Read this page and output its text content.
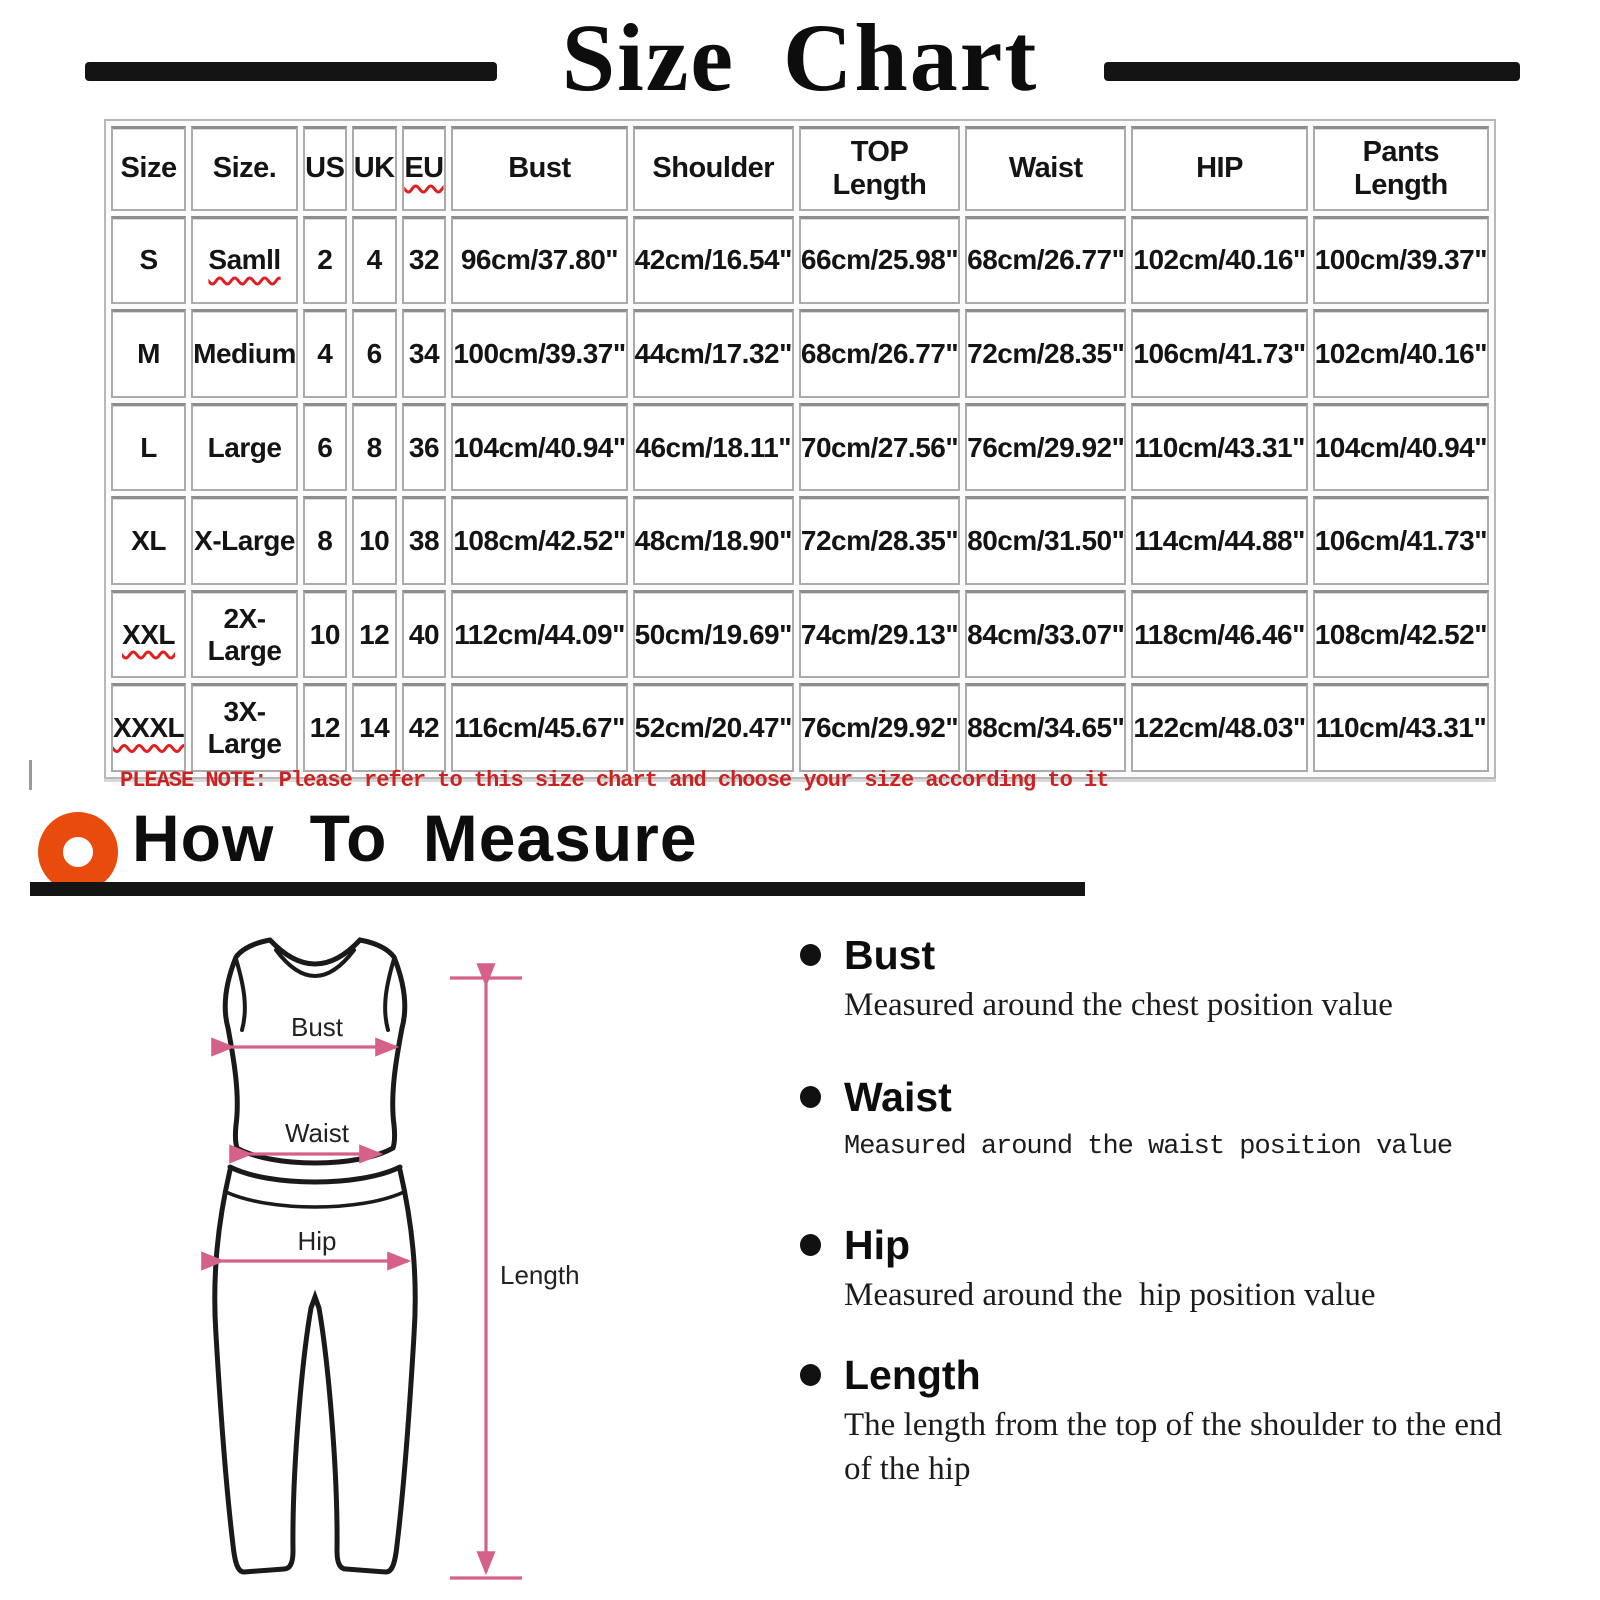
Size Chart
Size Size. US UK EU Bust	Shoulder
TOP Length
Waist	HIP
Pants Length
S Samll 2 4 32 96cm/37.80" 42cm/16.54" 66cm/25.98" 68cm/26.77" 102cm/40.16" 100cm/39.37"
M Medium 4 6 34 100cm/39.37" 44cm/17.32" 68cm/26.77" 72cm/28.35" 106cm/41.73" 102cm/40.16"
L Large 6 8 36 104cm/40.94" 46cm/18.11" 70cm/27.56" 76cm/29.92" 110cm/43.31" 104cm/40.94"
XL X-Large 8 10 38 108cm/42.52" 48cm/18.90" 72cm/28.35" 80cm/31.50" 114cm/44.88" 106cm/41.73"
XXL
2X-Large
10 12 40 112cm/44.09" 50cm/19.69" 74cm/29.13" 84cm/33.07" 118cm/46.46" 108cm/42.52"
XXXL
3X-Large
12 14 42 116cm/45.67" 52cm/20.47" 76cm/29.92" 88cm/34.65" 122cm/48.03" 110cm/43.31"
PLEASE NOTE: Please refer to this size chart and choose your size according to it
How To Measure
Bust
Waist
Hip
Length
Bust
Measured around the chest position value
Waist
Measured around the waist position value
Hip
Measured around the  hip position value
Length
The length from the top of the shoulder to the end of the hip
